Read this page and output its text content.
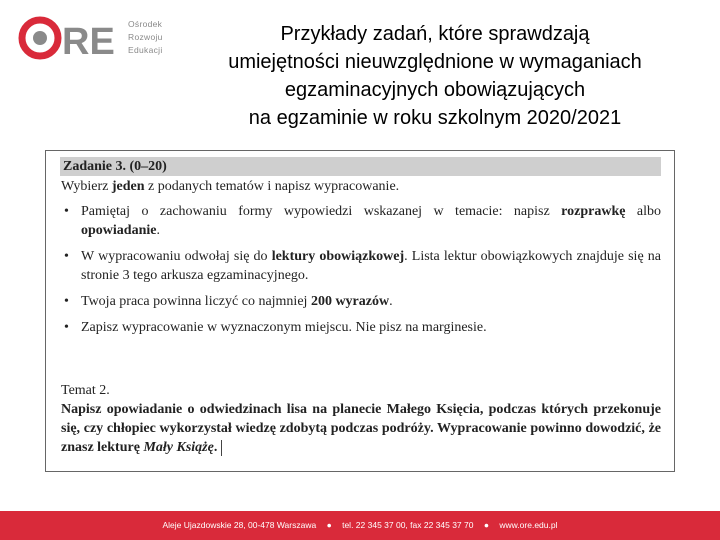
RE Ośrodek
Rozwoju
Edukacji
Przykłady zadań, które sprawdzają
umiejętności nieuwzględnione w wymaganiach
egzaminacyjnych obowiązujących
na egzaminie w roku szkolnym 2020/2021
Zadanie 3. (0–20)
Wybierz jeden z podanych tematów i napisz wypracowanie.
• Pamiętaj o zachowaniu formy wypowiedzi wskazanej w temacie: napisz rozprawkę albo opowiadanie.
• W wypracowaniu odwołaj się do lektury obowiązkowej. Lista lektur obowiązkowych znajduje się na stronie 3 tego arkusza egzaminacyjnego.
• Twoja praca powinna liczyć co najmniej 200 wyrazów.
• Zapisz wypracowanie w wyznaczonym miejscu. Nie pisz na marginesie.
Temat 2.
Napisz opowiadanie o odwiedzinach lisa na planecie Małego Księcia, podczas których przekonuje się, czy chłopiec wykorzystał wiedzę zdobytą podczas podróży. Wypracowanie powinno dowodzić, że znasz lekturę Mały Książę.
Aleje Ujazdowskie 28, 00-478 Warszawa ● tel. 22 345 37 00, fax 22 345 37 70 ● www.ore.edu.pl
